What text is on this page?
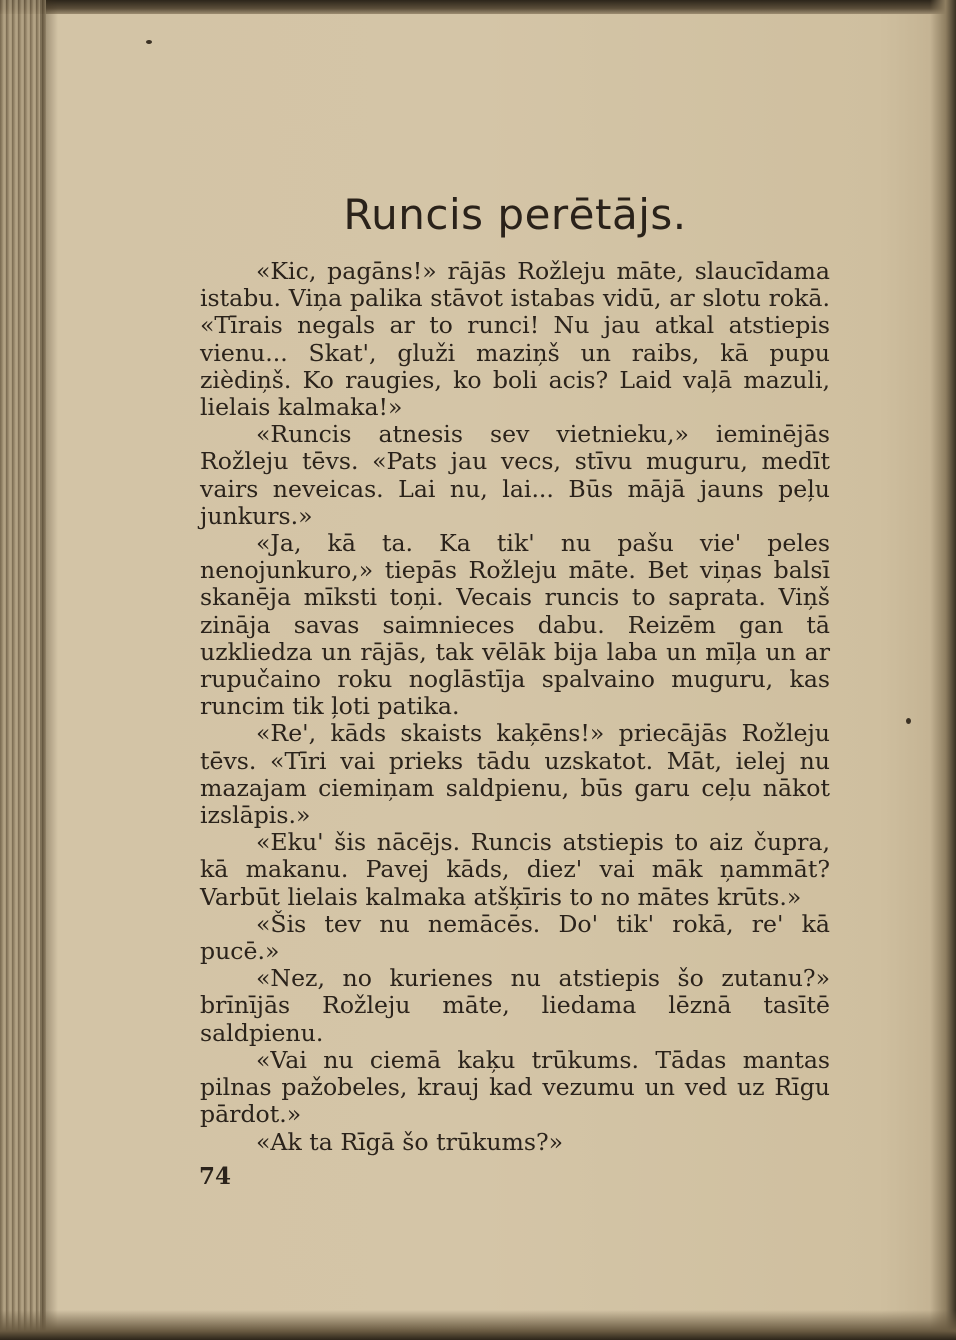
Runcis perētājs.

«Kic, pagāns!» rājās Rožleju māte, slaucīdama istabu. Viņa palika stāvot istabas vidū, ar slotu rokā. «Tīrais negals ar to runci! Nu jau atkal atstiepis vienu... Skat', gluži maziņš un raibs, kā pupu zièdiņš. Ko raugies, ko boli acis? Laid vaļā mazuli, lielais kalmaka!»

«Runcis atnesis sev vietnieku,» ieminējās Rožleju tēvs. «Pats jau vecs, stīvu muguru, medīt vairs neveicas. Lai nu, lai... Būs mājā jauns peļu junkurs.»

«Ja, kā ta. Ka tik' nu pašu vie' peles nenojunkuro,» tiepās Rožleju māte. Bet viņas balsī skanēja mīksti toņi. Vecais runcis to saprata. Viņš zināja savas saimnieces dabu. Reizēm gan tā uzkliedza un rājās, tak vēlāk bija laba un mīļa un ar rupučaino roku noglāstīja spalvaino muguru, kas runcim tik ļoti patika.

«Re', kāds skaists kaķēns!» priecājās Rožleju tēvs. «Tīri vai prieks tādu uzskatot. Māt, ielej nu mazajam ciemiņam saldpienu, būs garu ceļu nākot izslāpis.»

«Eku' šis nācējs. Runcis atstiepis to aiz čupra, kā makanu. Pavej kāds, diez' vai māk ņammāt? Varbūt lielais kalmaka atšķīris to no mātes krūts.»

«Šis tev nu nemācēs. Do' tik' rokā, re' kā pucē.»

«Nez, no kurienes nu atstiepis šo zutanu?» brīnījās Rožleju māte, liedama lēznā tasītē saldpienu.

«Vai nu ciemā kaķu trūkums. Tādas mantas pilnas pažobeles, krauj kad vezumu un ved uz Rīgu pārdot.»

«Ak ta Rīgā šo trūkums?»

74
